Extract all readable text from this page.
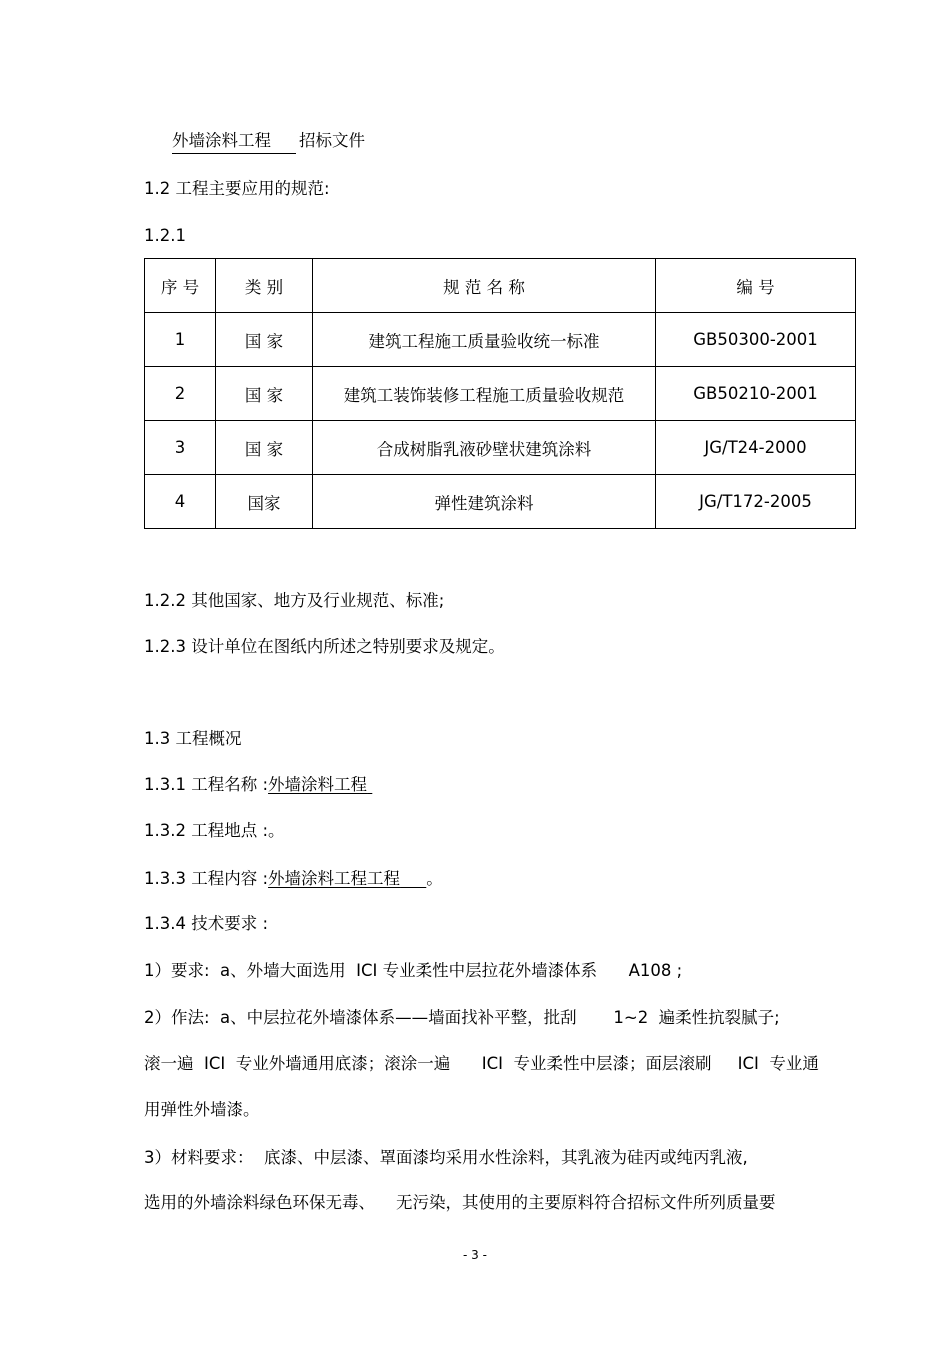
外墙涂料工程 招标文件
1.2 工程主要应用的规范:
1.2.1
序 号	类 别	规 范 名 称	编 号
1	国 家	建筑工程施工质量验收统一标准	GB50300-2001
2	国 家	建筑工装饰装修工程施工质量验收规范	GB50210-2001
3	国 家	合成树脂乳液砂壁状建筑涂料	JG/T24-2000
4	国家	弹性建筑涂料	JG/T172-2005
1.2.2 其他国家、地方及行业规范、标准;
1.2.3 设计单位在图纸内所述之特别要求及规定。
1.3 工程概况
1.3.1 工程名称 :外墙涂料工程
1.3.2 工程地点 :。
1.3.3 工程内容 :外墙涂料工程工程 。
1.3.4 技术要求 :
1）要求:  a、外墙大面选用  ICI 专业柔性中层拉花外墙漆体系      A108 ;
2）作法:  a、中层拉花外墙漆体系——墙面找补平整，批刮       1~2  遍柔性抗裂腻子;
滚一遍  ICI  专业外墙通用底漆；滚涂一遍      ICI  专业柔性中层漆；面层滚刷     ICI  专业通
用弹性外墙漆。
3）材料要求：  底漆、中层漆、罩面漆均采用水性涂料，其乳液为硅丙或纯丙乳液,
选用的外墙涂料绿色环保无毒、    无污染，其使用的主要原料符合招标文件所列质量要
- 3 -
